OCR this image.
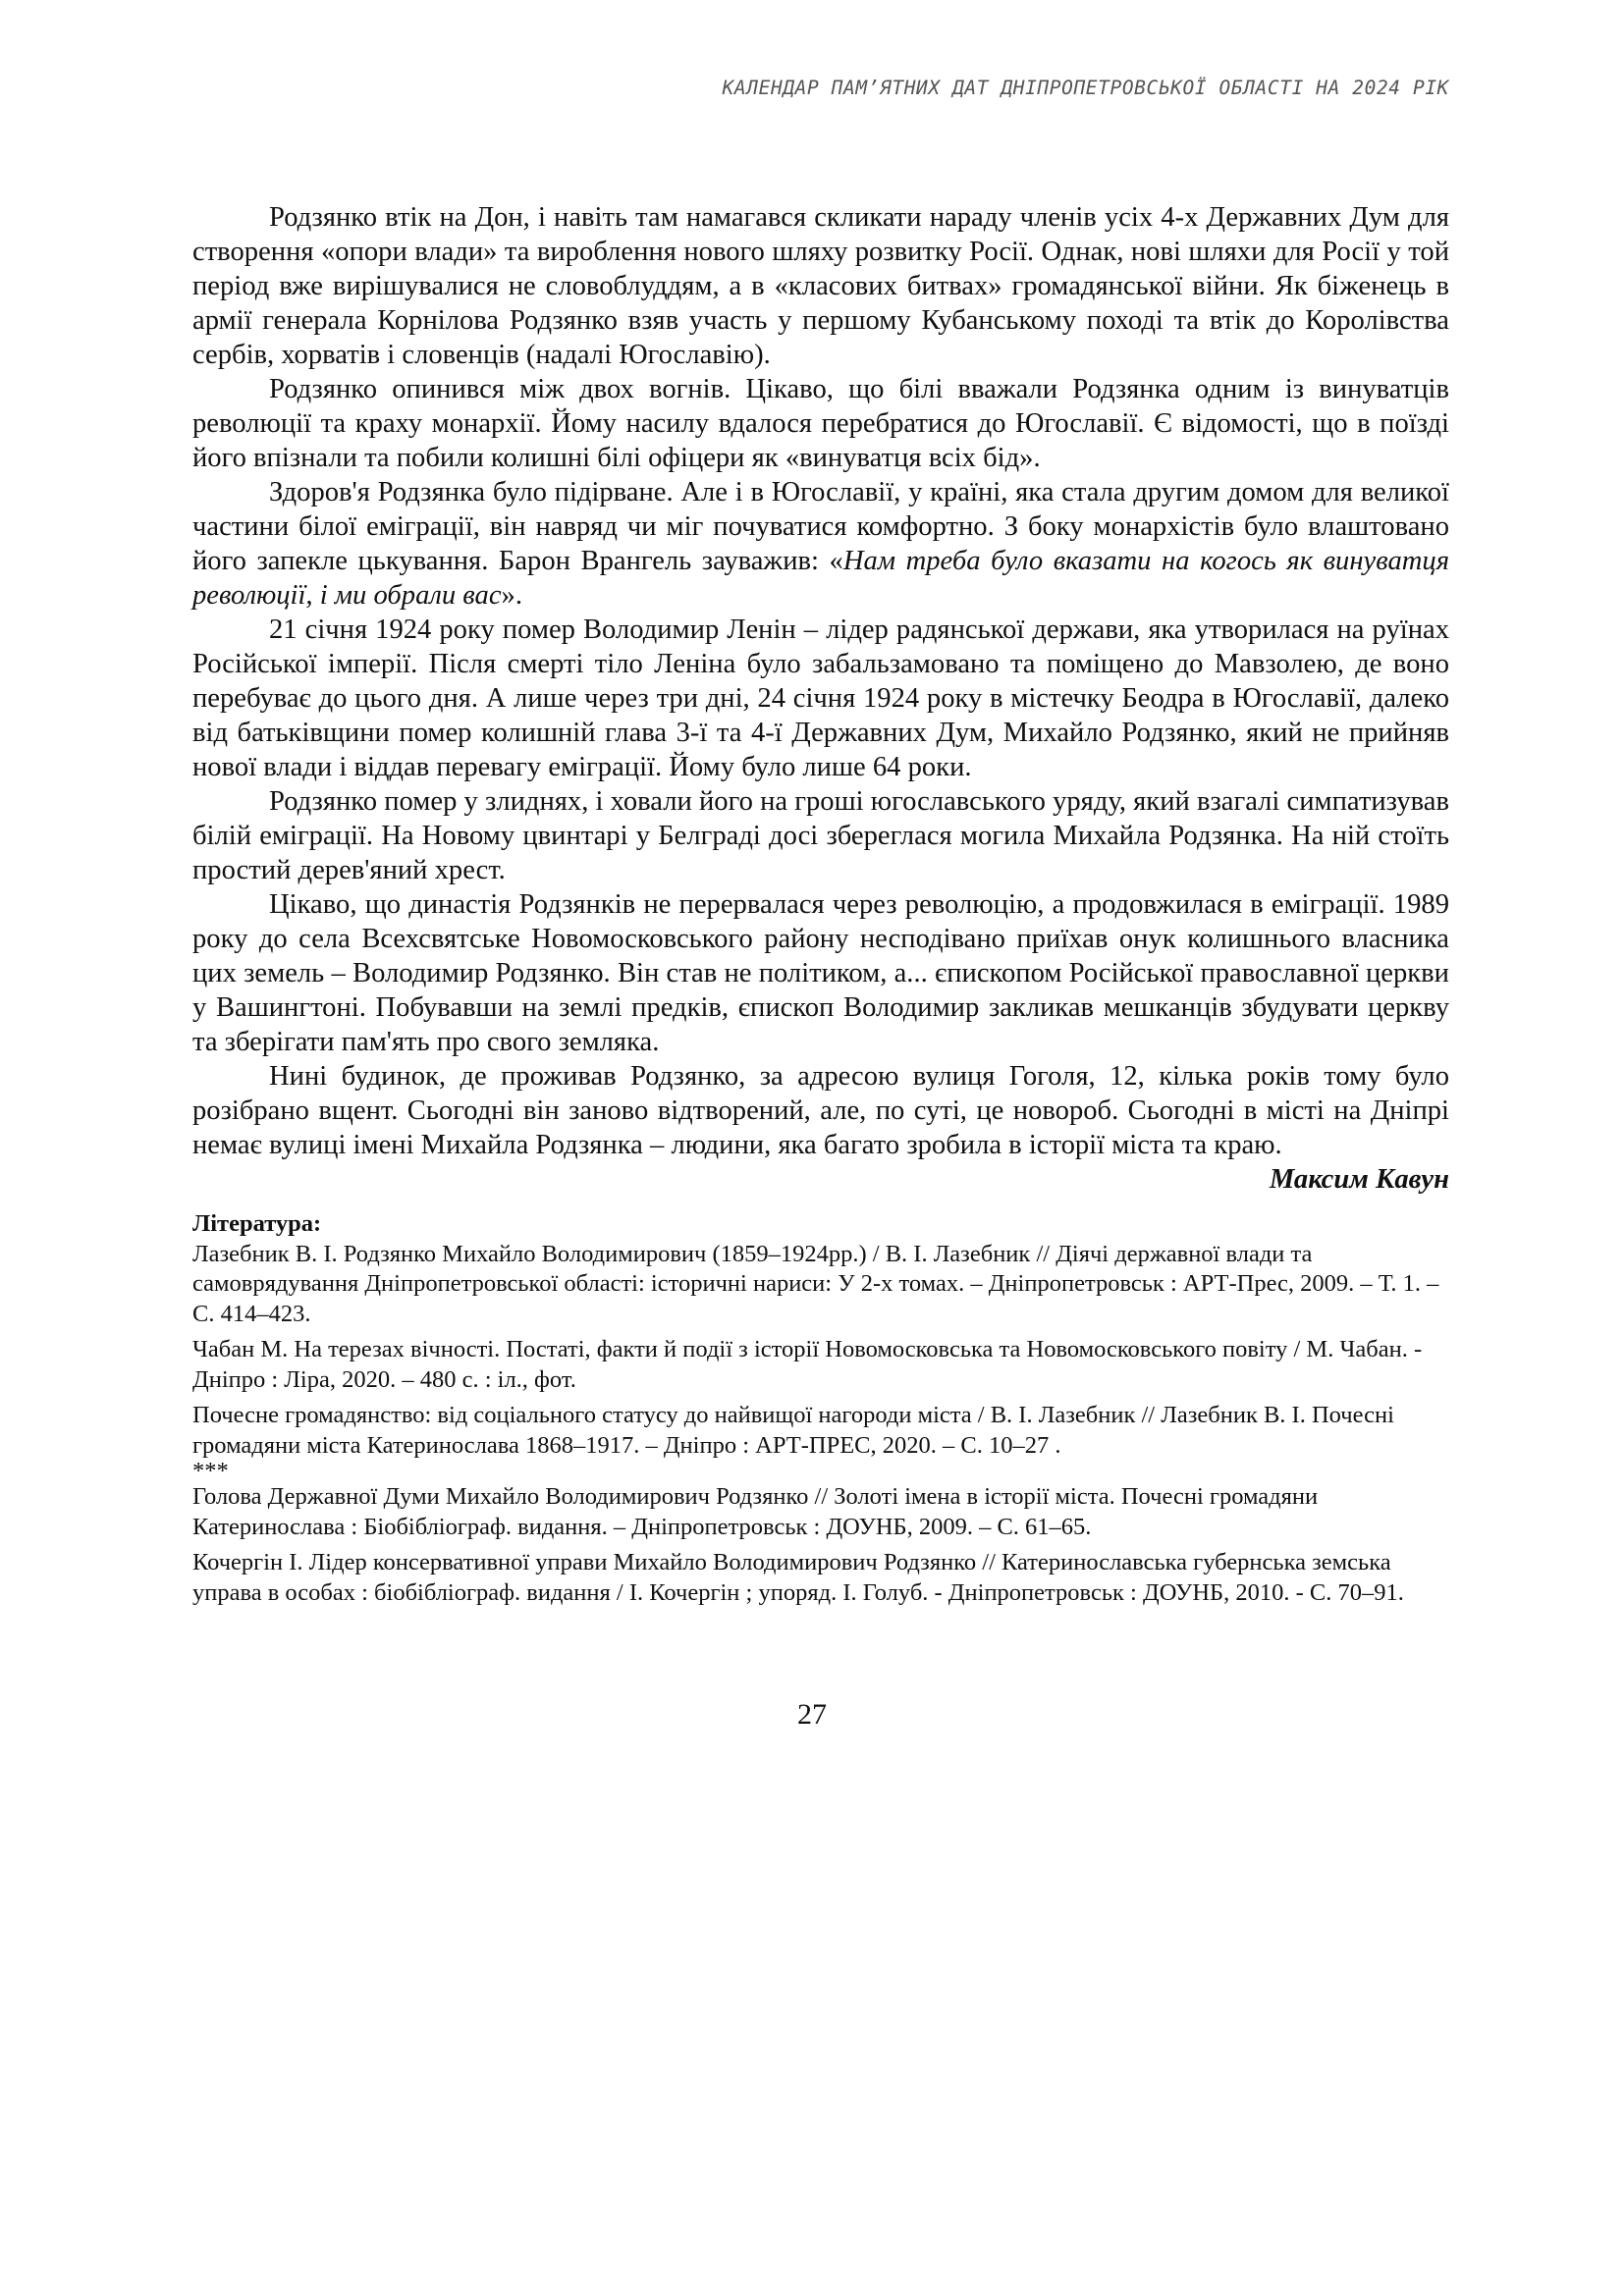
КАЛЕНДАР ПАМ’ЯТНИХ ДАТ ДНІПРОПЕТРОВСЬКОЇ ОБЛАСТІ НА 2024 РІК

Родзянко втік на Дон, і навіть там намагався скликати нараду членів усіх 4-х Державних Дум для створення «опори влади» та вироблення нового шляху розвитку Росії. Однак, нові шляхи для Росії у той період вже вирішувалися не словоблуддям, а в «класових битвах» громадянської війни. Як біженець в армії генерала Корнілова Родзянко взяв участь у першому Кубанському поході та втік до Королівства сербів, хорватів і словенців (надалі Югославію).

Родзянко опинився між двох вогнів. Цікаво, що білі вважали Родзянка одним із винуватців революції та краху монархії. Йому насилу вдалося перебратися до Югославії. Є відомості, що в поїзді його впізнали та побили колишні білі офіцери як «винуватця всіх бід».

Здоров'я Родзянка було підірване. Але і в Югославії, у країні, яка стала другим домом для великої частини білої еміграції, він навряд чи міг почуватися комфортно. З боку монархістів було влаштовано його запекле цькування. Барон Врангель зауважив: «Нам треба було вказати на когось як винуватця революції, і ми обрали вас».

21 січня 1924 року помер Володимир Ленін – лідер радянської держави, яка утворилася на руїнах Російської імперії. Після смерті тіло Леніна було забальзамовано та поміщено до Мавзолею, де воно перебуває до цього дня. А лише через три дні, 24 січня 1924 року в містечку Беодра в Югославії, далеко від батьківщини помер колишній глава 3-ї та 4-ї Державних Дум, Михайло Родзянко, який не прийняв нової влади і віддав перевагу еміграції. Йому було лише 64 роки.

Родзянко помер у злиднях, і ховали його на гроші югославського уряду, який взагалі симпатизував білій еміграції. На Новому цвинтарі у Белграді досі збереглася могила Михайла Родзянка. На ній стоїть простий дерев'яний хрест.

Цікаво, що династія Родзянків не перервалася через революцію, а продовжилася в еміграції. 1989 року до села Всехсвятське Новомосковського району несподівано приїхав онук колишнього власника цих земель – Володимир Родзянко. Він став не політиком, а... єпископом Російської православної церкви у Вашингтоні. Побувавши на землі предків, єпископ Володимир закликав мешканців збудувати церкву та зберігати пам'ять про свого земляка.

Нині будинок, де проживав Родзянко, за адресою вулиця Гоголя, 12, кілька років тому було розібрано вщент. Сьогодні він заново відтворений, але, по суті, це новороб. Сьогодні в місті на Дніпрі немає вулиці імені Михайла Родзянка – людини, яка багато зробила в історії міста та краю.

Максим Кавун

Література:

Лазебник В. І. Родзянко Михайло Володимирович (1859–1924рр.) / В. І. Лазебник // Діячі державної влади та самоврядування Дніпропетровської області: історичні нариси: У 2-х томах. – Дніпропетровськ : АРТ-Прес, 2009. – Т. 1. – С. 414–423.

Чабан М. На терезах вічності. Постаті, факти й події з історії Новомосковська та Новомосковського повіту / М. Чабан. - Дніпро : Ліра, 2020. – 480 с. : іл., фот.

Почесне громадянство: від соціального статусу до найвищої нагороди міста / В. І. Лазебник // Лазебник В. І. Почесні громадяни міста Катеринослава 1868–1917. – Дніпро : АРТ-ПРЕС, 2020. – С. 10–27 .

***

Голова Державної Думи Михайло Володимирович Родзянко // Золоті імена в історії міста. Почесні громадяни Катеринослава : Біобібліограф. видання. – Дніпропетровськ : ДОУНБ, 2009. – С. 61–65.

Кочергін І. Лідер консервативної управи Михайло Володимирович Родзянко // Катеринославська губернська земська управа в особах : біобібліограф. видання / І. Кочергін ; упоряд. І. Голуб. - Дніпропетровськ : ДОУНБ, 2010. - С. 70–91.

27
